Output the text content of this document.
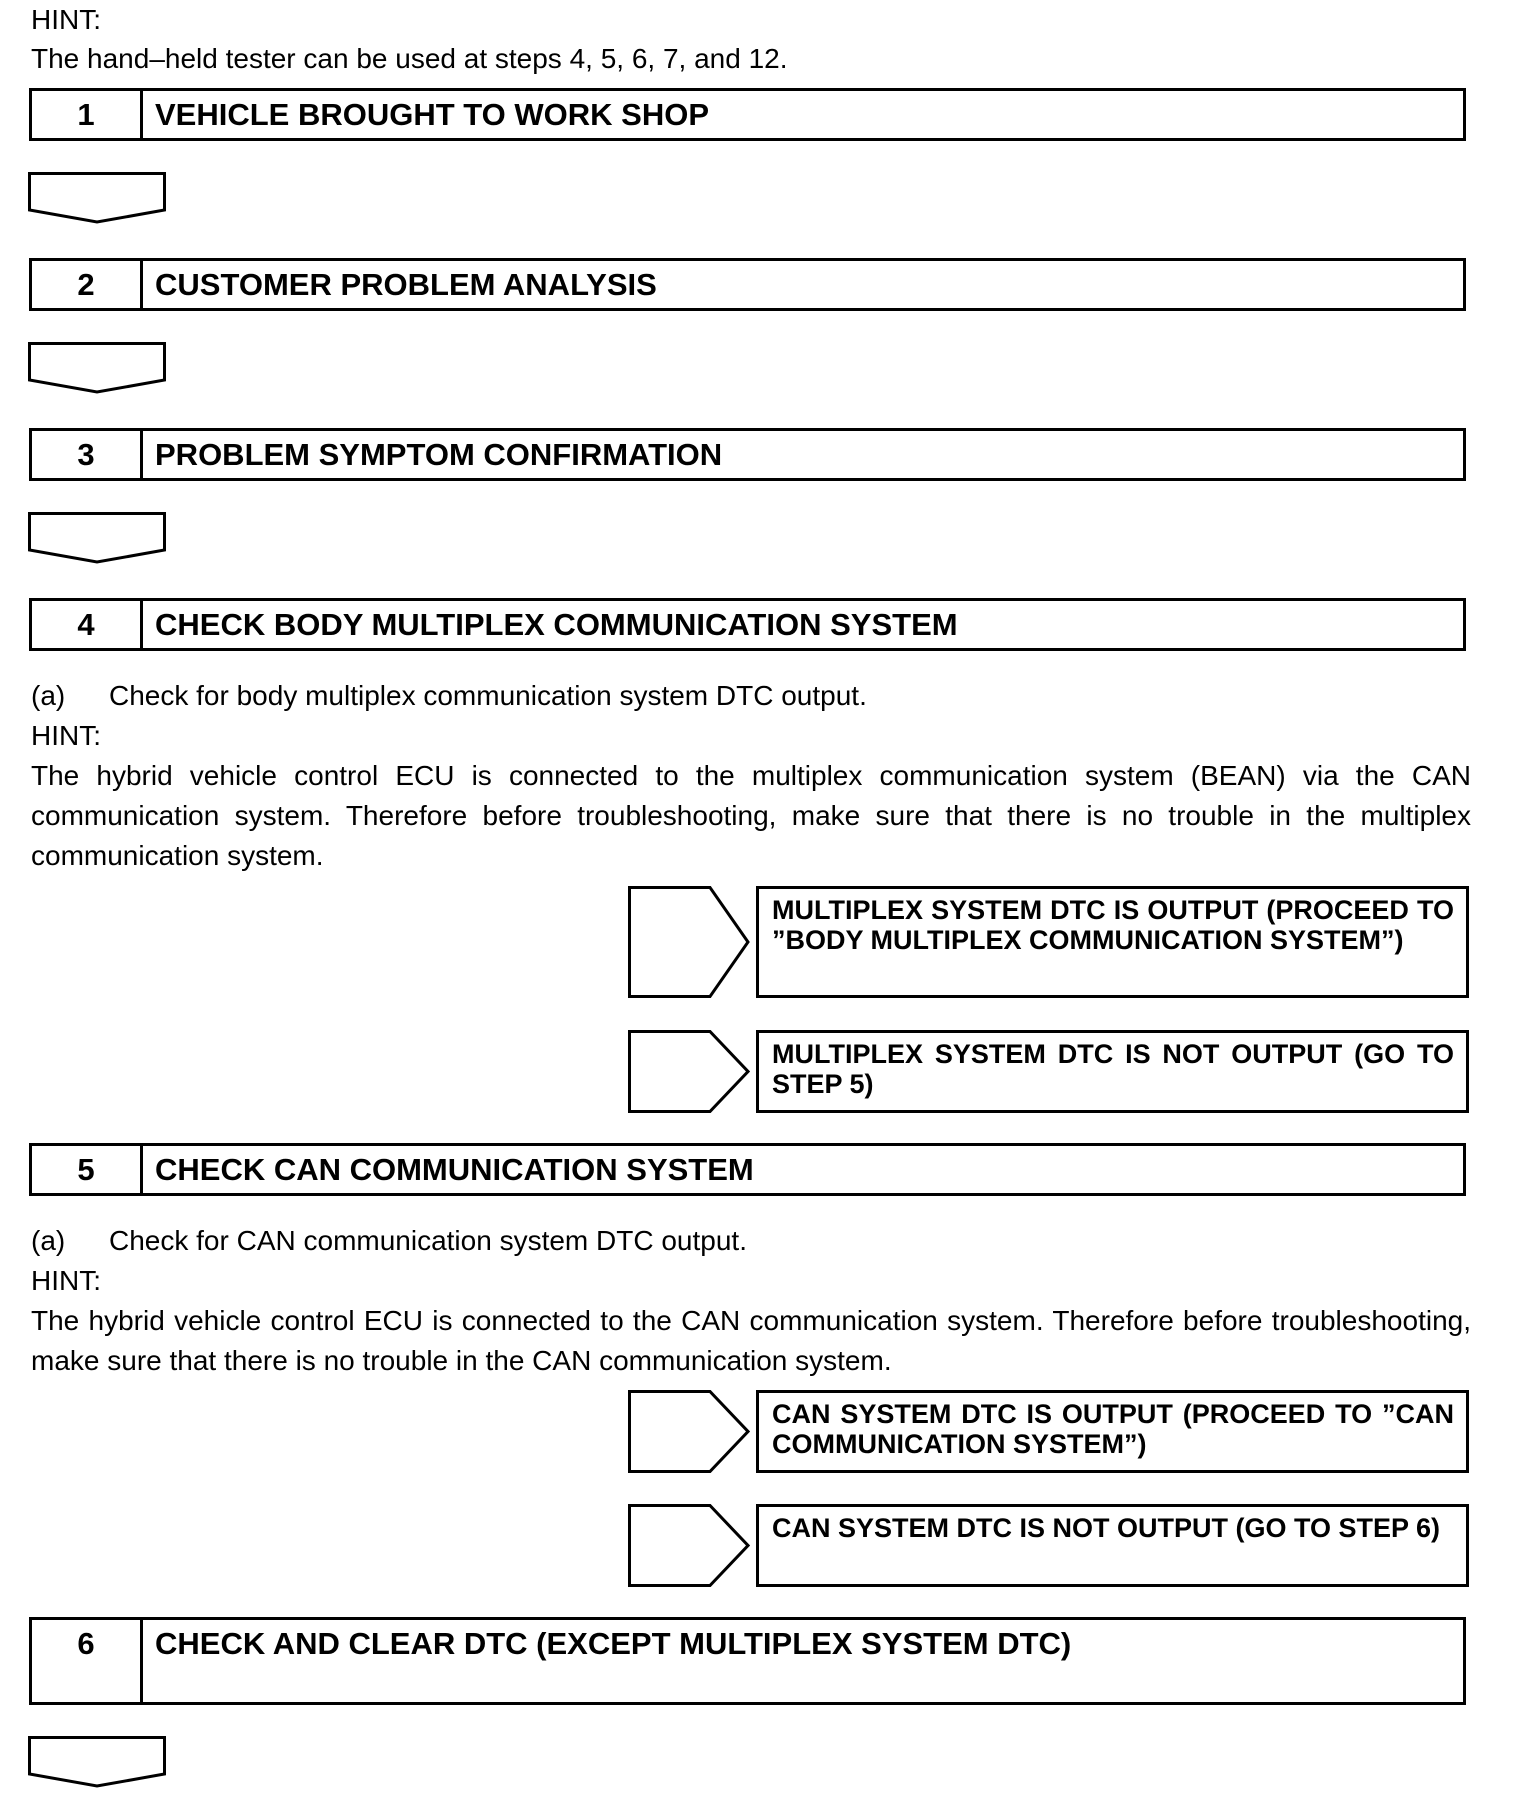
HINT:
The hand–held tester can be used at steps 4, 5, 6, 7, and 12.
1	VEHICLE BROUGHT TO WORK SHOP
2	CUSTOMER PROBLEM ANALYSIS
3	PROBLEM SYMPTOM CONFIRMATION
4	CHECK BODY MULTIPLEX COMMUNICATION SYSTEM
(a) Check for body multiplex communication system DTC output.
HINT:
The hybrid vehicle control ECU is connected to the multiplex communication system (BEAN) via the CAN communication system. Therefore before troubleshooting, make sure that there is no trouble in the multiplex communication system.
MULTIPLEX SYSTEM DTC IS OUTPUT (PROCEED TO ”BODY MULTIPLEX COMMUNICATION SYSTEM”)
MULTIPLEX SYSTEM DTC IS NOT OUTPUT (GO TO STEP 5)
5	CHECK CAN COMMUNICATION SYSTEM
(a) Check for CAN communication system DTC output.
HINT:
The hybrid vehicle control ECU is connected to the CAN communication system. Therefore before troubleshooting, make sure that there is no trouble in the CAN communication system.
CAN SYSTEM DTC IS OUTPUT (PROCEED TO ”CAN COMMUNICATION SYSTEM”)
CAN SYSTEM DTC IS NOT OUTPUT (GO TO STEP 6)
6	CHECK AND CLEAR DTC (EXCEPT MULTIPLEX SYSTEM DTC)
